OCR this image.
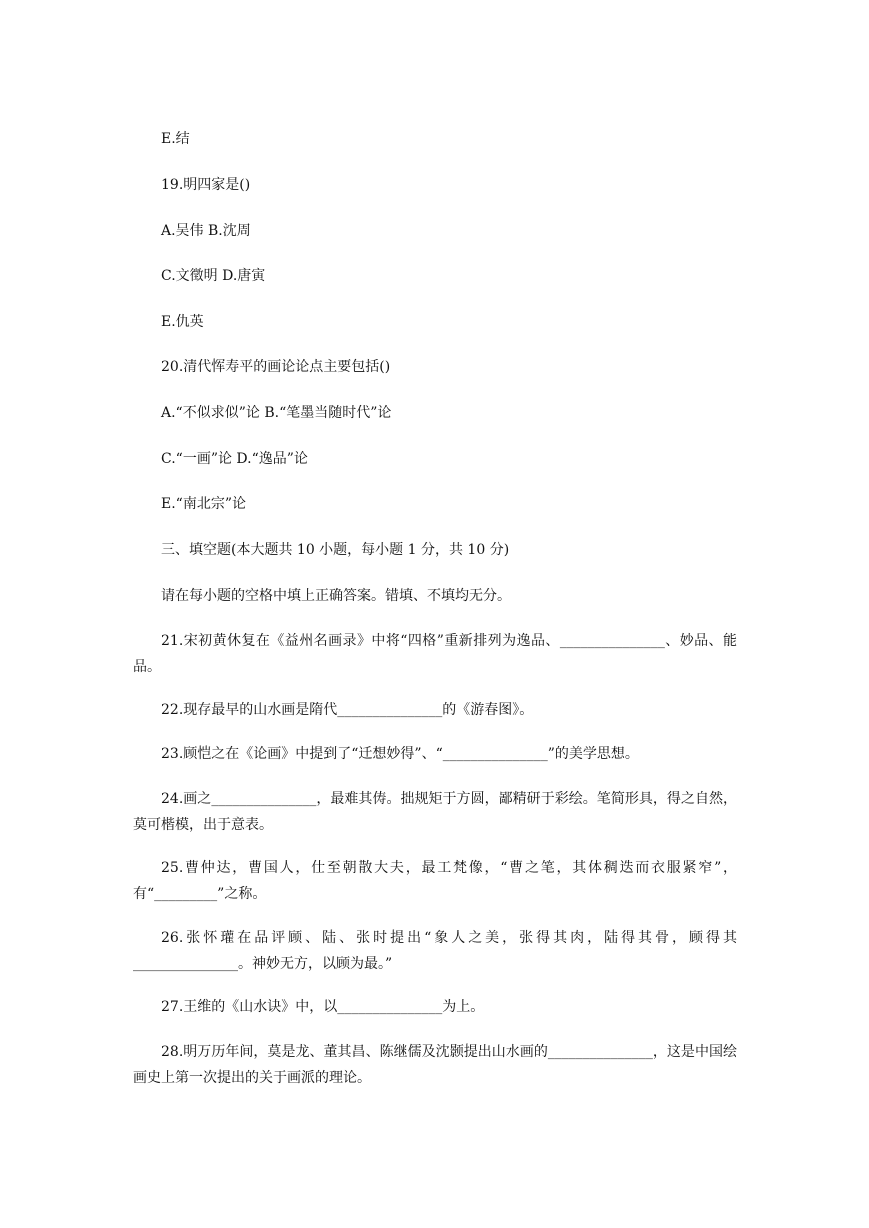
E.结
19.明四家是()
A.吴伟 B.沈周
C.文徵明 D.唐寅
E.仇英
20.清代恽寿平的画论论点主要包括()
A.“不似求似”论 B.“笔墨当随时代”论
C.“一画”论 D.“逸品”论
E.“南北宗”论
三、填空题(本大题共 10 小题，每小题 1 分，共 10 分)
请在每小题的空格中填上正确答案。错填、不填均无分。
21.宋初黄休复在《益州名画录》中将“四格”重新排列为逸品、_______________、妙品、能品。
22.现存最早的山水画是隋代_______________的《游春图》。
23.顾恺之在《论画》中提到了“迁想妙得”、“_______________”的美学思想。
24.画之_______________，最难其俦。拙规矩于方圆，鄙精研于彩绘。笔简形具，得之自然，莫可楷模，出于意表。
25.曹仲达，曹国人，仕至朝散大夫，最工梵像，“曹之笔，其体稠迭而衣服紧窄”，有“_________”之称。
26.张怀瓘在品评顾、陆、张时提出“象人之美，张得其肉，陆得其骨，顾得其_______________。神妙无方，以顾为最。”
27.王维的《山水诀》中，以_______________为上。
28.明万历年间，莫是龙、董其昌、陈继儒及沈颢提出山水画的_______________，这是中国绘画史上第一次提出的关于画派的理论。
